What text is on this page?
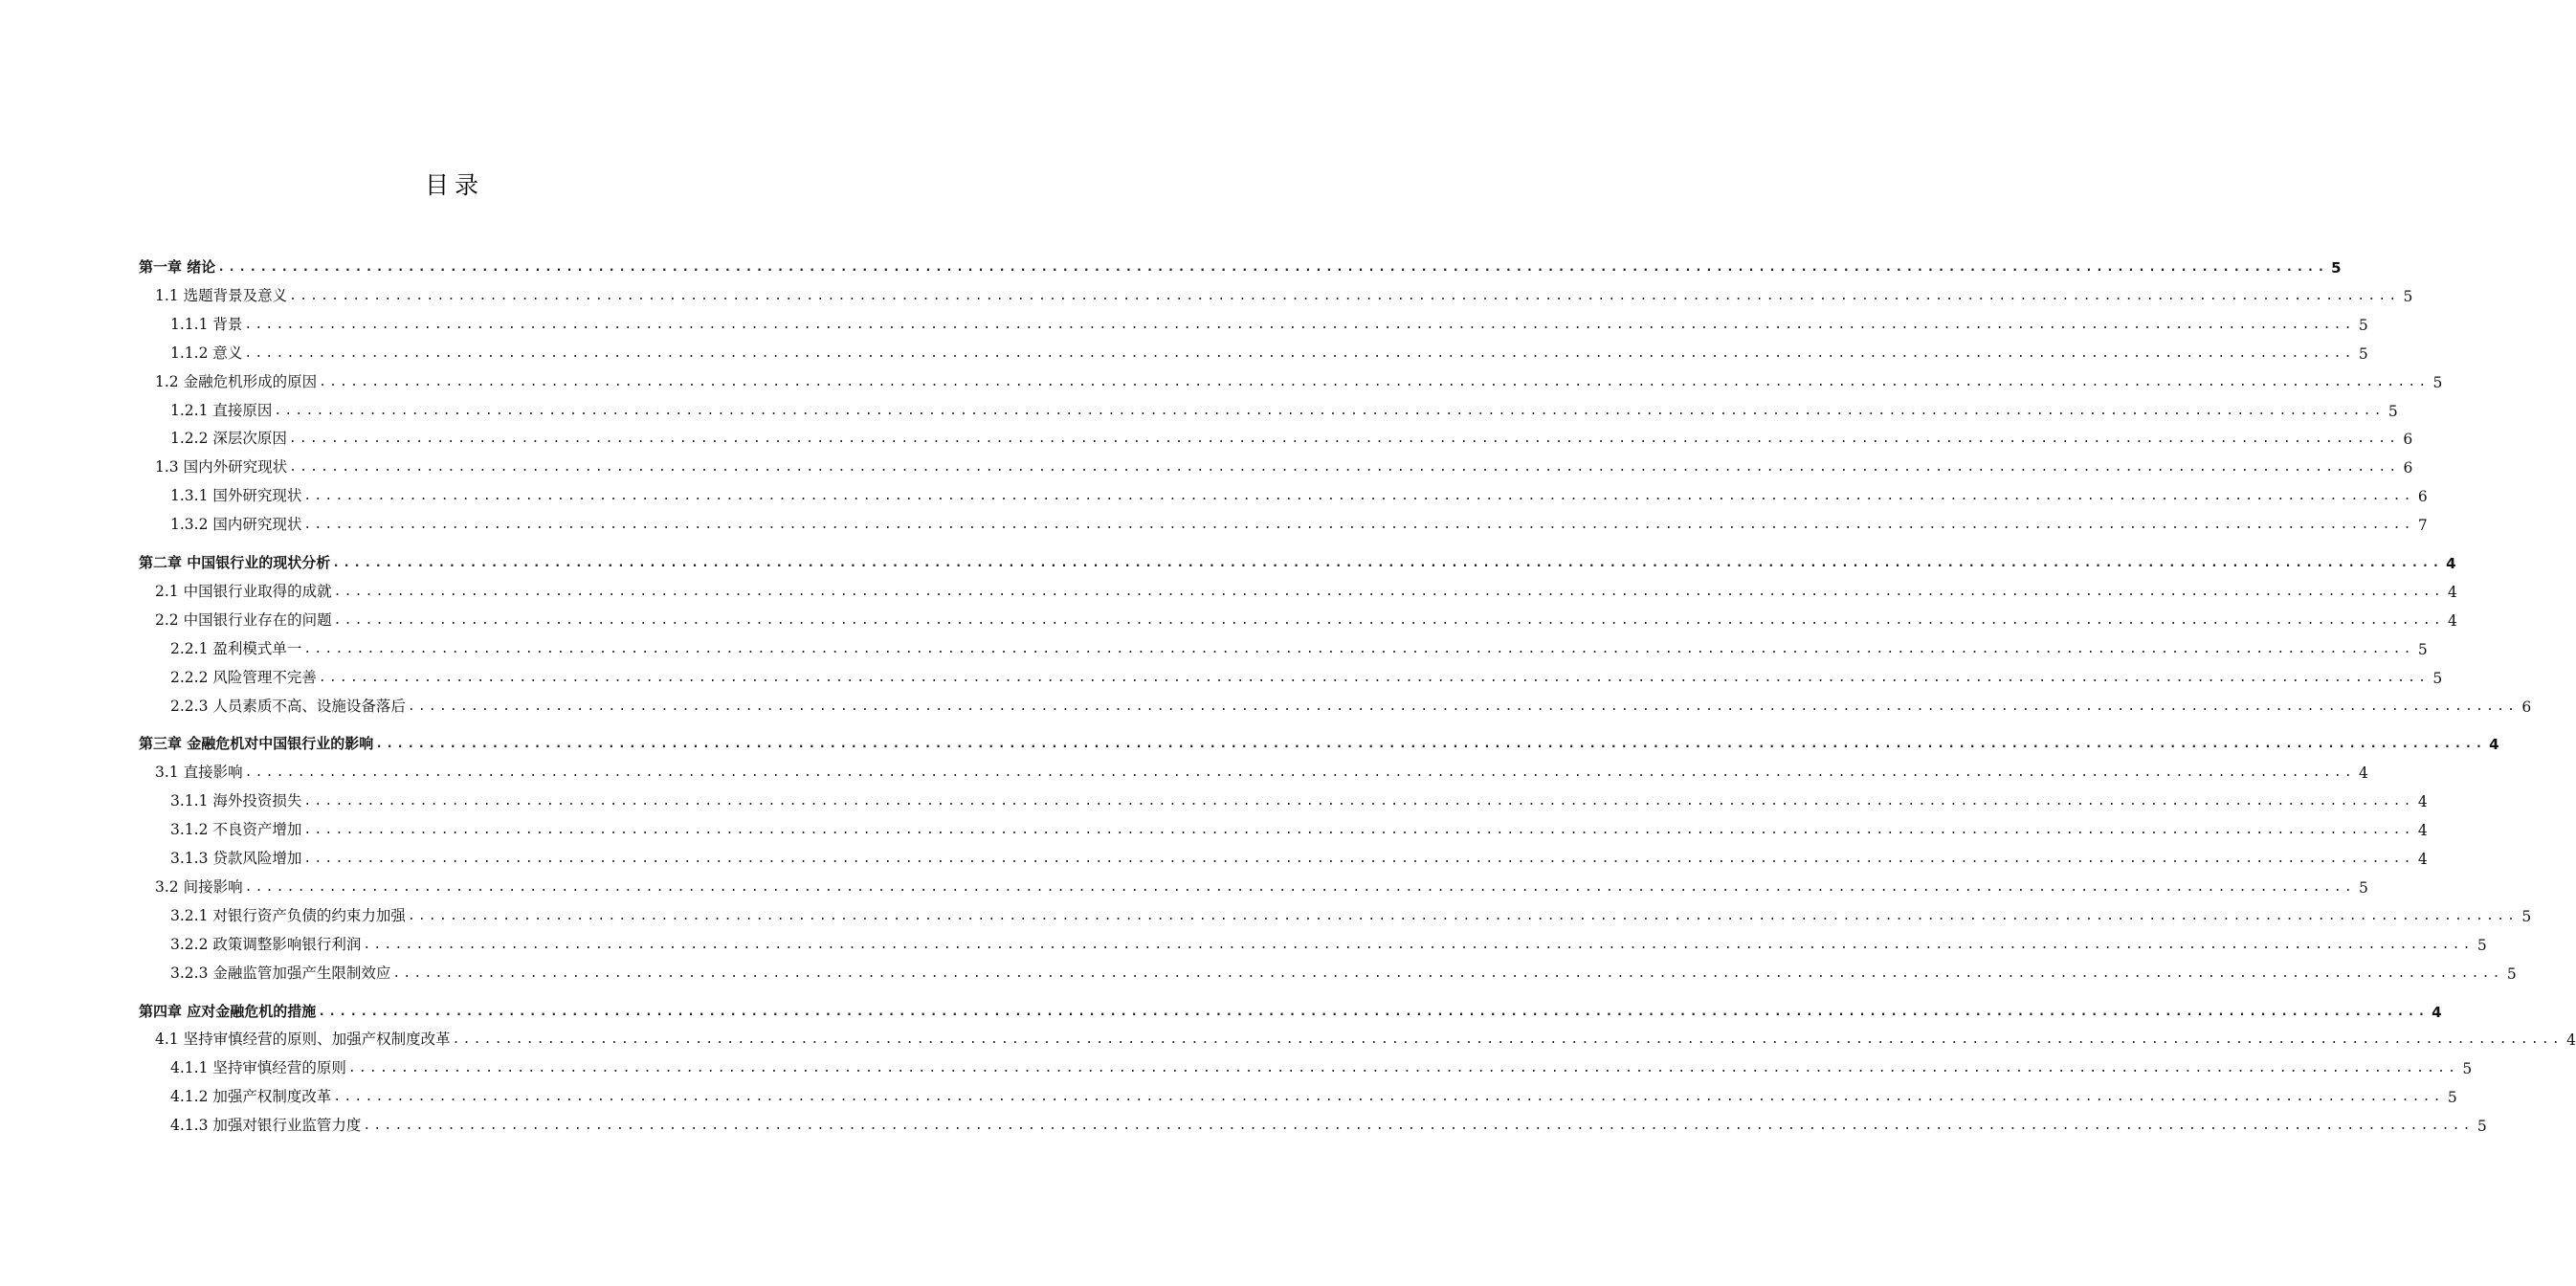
目录
第一章 绪论 ........................................................................................................................................................................................................ 5
1.1 选题背景及意义 ........................................................................................................................................................................................................ 5
1.1.1 背景 ........................................................................................................................................................................................................ 5
1.1.2 意义 ........................................................................................................................................................................................................ 5
1.2 金融危机形成的原因 ........................................................................................................................................................................................................ 5
1.2.1 直接原因 ........................................................................................................................................................................................................ 5
1.2.2 深层次原因 ........................................................................................................................................................................................................ 6
1.3 国内外研究现状 ........................................................................................................................................................................................................ 6
1.3.1 国外研究现状 ........................................................................................................................................................................................................ 6
1.3.2 国内研究现状 ........................................................................................................................................................................................................ 7
第二章 中国银行业的现状分析 ........................................................................................................................................................................................................ 4
2.1 中国银行业取得的成就 ........................................................................................................................................................................................................ 4
2.2 中国银行业存在的问题 ........................................................................................................................................................................................................ 4
2.2.1 盈利模式单一 ........................................................................................................................................................................................................ 5
2.2.2 风险管理不完善 ........................................................................................................................................................................................................ 5
2.2.3 人员素质不高、设施设备落后 ........................................................................................................................................................................................................ 6
第三章 金融危机对中国银行业的影响 ........................................................................................................................................................................................................ 4
3.1 直接影响 ........................................................................................................................................................................................................ 4
3.1.1 海外投资损失 ........................................................................................................................................................................................................ 4
3.1.2 不良资产增加 ........................................................................................................................................................................................................ 4
3.1.3 贷款风险增加 ........................................................................................................................................................................................................ 4
3.2 间接影响 ........................................................................................................................................................................................................ 5
3.2.1 对银行资产负债的约束力加强 ........................................................................................................................................................................................................ 5
3.2.2 政策调整影响银行利润 ........................................................................................................................................................................................................ 5
3.2.3 金融监管加强产生限制效应 ........................................................................................................................................................................................................ 5
第四章 应对金融危机的措施 ........................................................................................................................................................................................................ 4
4.1 坚持审慎经营的原则、加强产权制度改革 ........................................................................................................................................................................................................ 4
4.1.1 坚持审慎经营的原则 ........................................................................................................................................................................................................ 5
4.1.2 加强产权制度改革 ........................................................................................................................................................................................................ 5
4.1.3 加强对银行业监管力度 ........................................................................................................................................................................................................ 5
